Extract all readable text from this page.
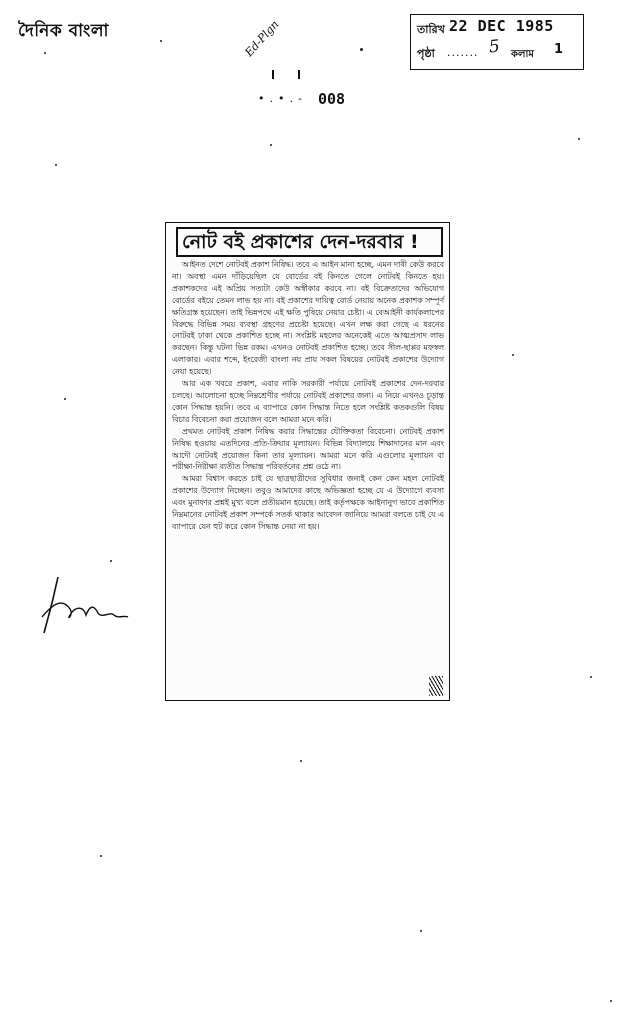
দৈনিক বাংলা	তারিখ 22 DEC 1985
পৃষ্ঠা ....... 5 কলাম 1
Ed-Plgn
•.•.- 008
নোট বই প্রকাশের দেন-দরবার !

আইনত দেশে নোটবই প্রকাশ নিষিদ্ধ। তবে এ আইন মানা হচ্ছে, এমন দাবী কেউ করবে না। অবস্থা এমন দাঁড়িয়েছিল যে বোর্ডের বই কিনতে গেলে নোটবই কিনতে হয়। প্রকাশকদের এই অপ্রিয় সত্যটা কেউ অস্বীকার করবে না। বই বিক্রেতাদের অভিযোগ বোর্ডের বইয়ে তেমন লাভ হয় না। বই প্রকাশের দায়িত্ব বোর্ড নেয়ায় অনেক প্রকাশক সম্পূর্ণ ক্ষতিগ্রস্ত হয়েছেন। তাই ভিন্নপথে এই ক্ষতি পুষিয়ে নেয়ার চেষ্টা। এ বেআইনী কার্যকলাপের বিরুদ্ধে বিভিন্ন সময় ব্যবস্থা গ্রহণের প্রচেষ্টা হয়েছে। এখন লক্ষ করা গেছে এ ধরনের নোটবই ঢাকা থেকে প্রকাশিত হচ্ছে না। সংশ্লিষ্ট মহলের অনেকেই এতে আত্মপ্রসাদ লাভ করছেন। কিন্তু ঘটনা ভিন্ন রকম। এখনও নোটবই প্রকাশিত হচ্ছে। তবে সীল-ছাপ্পর মফস্বল এলাকার। এবার শব্দে, ইংরেজী বাংলা নয় প্রায় সকল বিষয়ের নোটবই প্রকাশের উদ্যোগ নেয়া হয়েছে।

আর এক খবরে প্রকাশ, এবার নাকি সরকারী পর্যায়ে নোটবই প্রকাশের দেন-দরবার চলছে। আলোচনা হচ্ছে নিম্নশ্রেণীর পর্যায়ে নোটবই প্রকাশের জন্য। এ নিয়ে এখনও চূড়ান্ত কোন সিদ্ধান্ত হয়নি। তবে এ ব্যাপারে কোন সিদ্ধান্ত নিতে হলে সংশ্লিষ্ট কতকগুলি বিষয় বিচার বিবেচনা করা প্রয়োজন বলে আমরা মনে করি।

প্রথমত নোটবই প্রকাশ নিষিদ্ধ করার সিদ্ধান্তের যৌক্তিকতা বিবেচনা। নোটবই প্রকাশ নিষিদ্ধ হওয়ায় এতদিনের প্রতি-ক্রিয়ার মূল্যায়ন। বিভিন্ন বিদ্যালয়ে শিক্ষাদানের মান এবং আদৌ নোটবই প্রয়োজন কিনা তার মূল্যায়ন। আমরা মনে করি এগুলোর মূল্যায়ন বা পরীক্ষা-নিরীক্ষা ব্যতীত সিদ্ধান্ত পরিবর্তনের প্রশ্ন ওঠে না।

আমরা বিশ্বাস করতে চাই যে ছাত্রছাত্রীদের সুবিধার জন্যই কেন কেন মহল নোটবই প্রকাশের উদ্যোগ নিচ্ছেন। তবুও আমাদের কাছে অভিজ্ঞতা হচ্ছে যে এ উদ্যোগে ব্যবসা এবং মুনাফার প্রশ্নই মুখ্য বলে প্রতীয়মান হয়েছে। তাই কর্তৃপক্ষকে আইনানুগ ভাবে প্রকাশিত নিম্নমানের নোটবই প্রকাশ সম্পর্কে সতর্ক থাকার আবেদন জানিয়ে আমরা বলতে চাই যে এ ব্যাপারে যেন হুট করে কোন সিদ্ধান্ত নেয়া না হয়।
